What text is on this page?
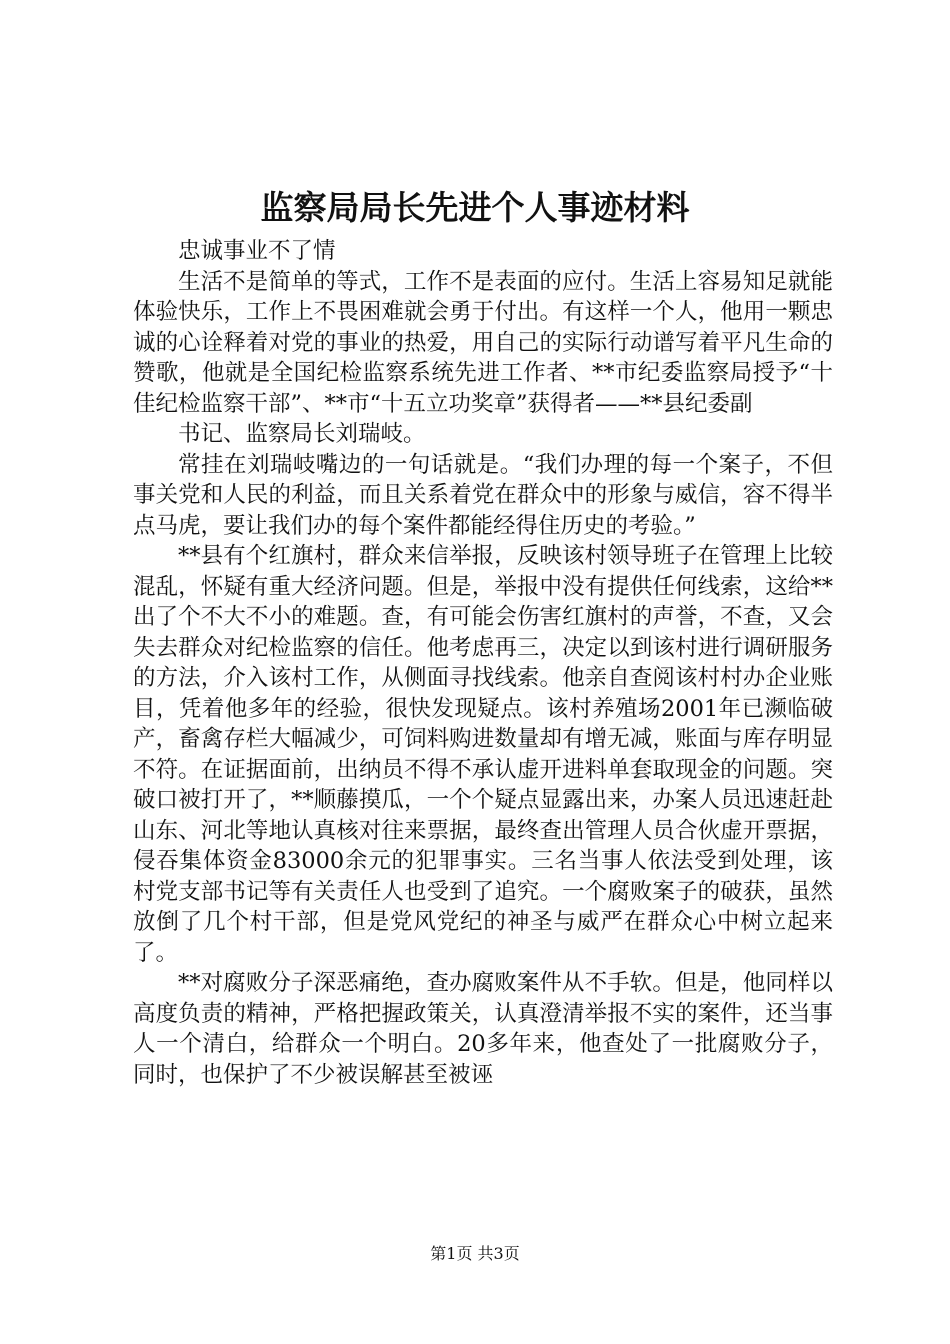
监察局局长先进个人事迹材料

忠诚事业不了情

生活不是简单的等式，工作不是表面的应付。生活上容易知足就能体验快乐，工作上不畏困难就会勇于付出。有这样一个人，他用一颗忠诚的心诠释着对党的事业的热爱，用自己的实际行动谱写着平凡生命的赞歌，他就是全国纪检监察系统先进工作者、**市纪委监察局授予“十佳纪检监察干部”、**市“十五立功奖章”获得者——**县纪委副

书记、监察局长刘瑞岐。

常挂在刘瑞岐嘴边的一句话就是。“我们办理的每一个案子，不但事关党和人民的利益，而且关系着党在群众中的形象与威信，容不得半点马虎，要让我们办的每个案件都能经得住历史的考验。”

**县有个红旗村，群众来信举报，反映该村领导班子在管理上比较混乱，怀疑有重大经济问题。但是，举报中没有提供任何线索，这给**出了个不大不小的难题。查，有可能会伤害红旗村的声誉，不查，又会失去群众对纪检监察的信任。他考虑再三，决定以到该村进行调研服务的方法，介入该村工作，从侧面寻找线索。他亲自查阅该村村办企业账目，凭着他多年的经验，很快发现疑点。该村养殖场2001年已濒临破产，畜禽存栏大幅减少，可饲料购进数量却有增无减，账面与库存明显不符。在证据面前，出纳员不得不承认虚开进料单套取现金的问题。突破口被打开了，**顺藤摸瓜，一个个疑点显露出来，办案人员迅速赶赴山东、河北等地认真核对往来票据，最终查出管理人员合伙虚开票据，侵吞集体资金83000余元的犯罪事实。三名当事人依法受到处理，该村党支部书记等有关责任人也受到了追究。一个腐败案子的破获，虽然放倒了几个村干部，但是党风党纪的神圣与威严在群众心中树立起来了。

**对腐败分子深恶痛绝，查办腐败案件从不手软。但是，他同样以高度负责的精神，严格把握政策关，认真澄清举报不实的案件，还当事人一个清白，给群众一个明白。20多年来，他查处了一批腐败分子，同时，也保护了不少被误解甚至被诬

第1页 共3页
